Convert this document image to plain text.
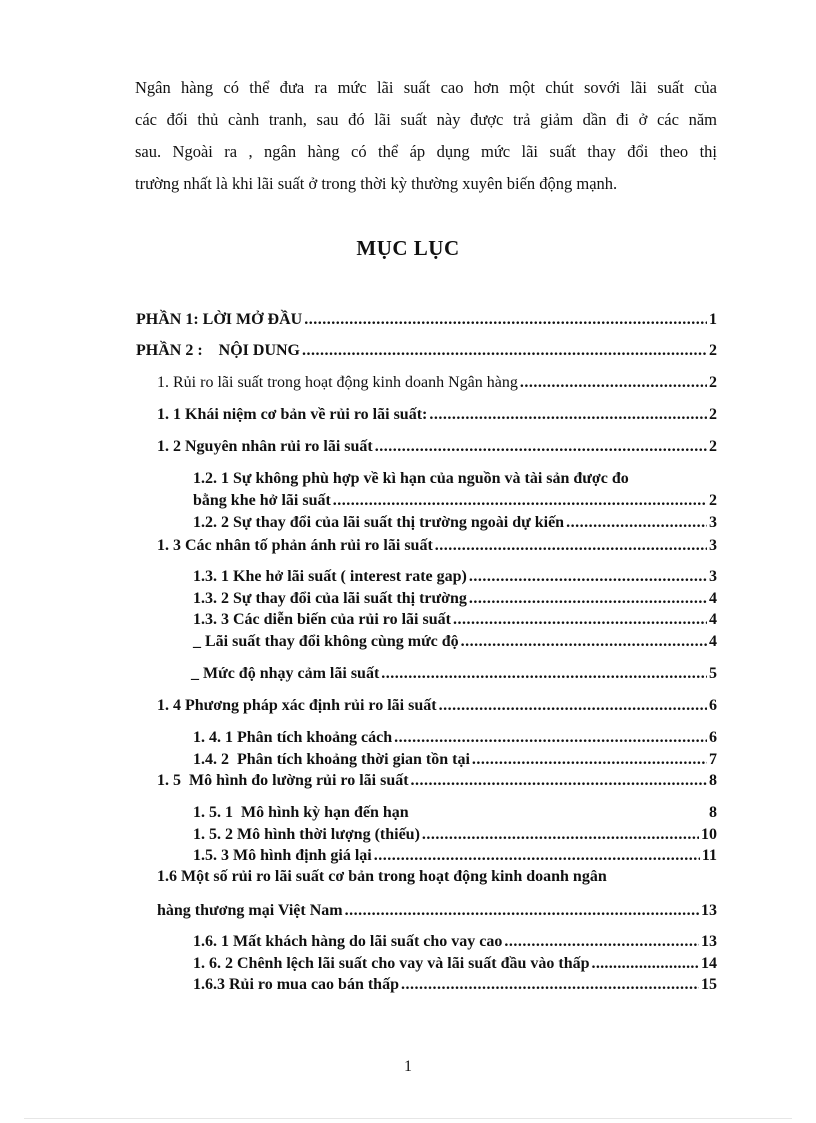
Ngân hàng có thể đưa ra mức lãi suất cao hơn một chút sovới lãi suất của
các đối thủ cành tranh, sau đó lãi suất này được trả giảm dần đi ở các năm
sau. Ngoài ra , ngân hàng có thể áp dụng mức lãi suất thay đổi theo thị
trường nhất là khi lãi suất ở trong thời kỳ thường xuyên biến động mạnh.
MỤC LỤC
PHẦN 1: LỜI MỞ ĐẦU .....	1
PHẦN 2 :    NỘI DUNG .....	2
1. Rủi ro lãi suất trong hoạt động kinh doanh Ngân hàng .....	2
1. 1 Khái niệm cơ bản về rủi ro lãi suất: .....	2
1. 2 Nguyên nhân rủi ro lãi suất .....	2
1.2. 1 Sự không phù hợp về kì hạn của nguồn và tài sản được đo
bằng khe hở lãi suất .....	2
1.2. 2 Sự thay đổi của lãi suất thị trường ngoài dự kiến .....	3
1. 3 Các nhân tố phản ánh rủi ro lãi suất .....	3
1.3. 1 Khe hở lãi suất ( interest rate gap) .....	3
1.3. 2 Sự thay đổi của lãi suất thị trường .....	4
1.3. 3 Các diễn biến của rủi ro lãi suất .....	4
_ Lãi suất thay đổi không cùng mức độ .....	4
_ Mức độ nhạy cảm lãi suất .....	5
1. 4 Phương pháp xác định rủi ro lãi suất .....	6
1. 4. 1 Phân tích khoảng cách .....	6
1.4. 2  Phân tích khoảng thời gian tồn tại .....	7
1. 5  Mô hình đo lường rủi ro lãi suất .....	8
1. 5. 1  Mô hình kỳ hạn đến hạn	8
1. 5. 2 Mô hình thời lượng (thiếu) .....	10
1.5. 3 Mô hình định giá lại .....	11
1.6 Một số rủi ro lãi suất cơ bản trong hoạt động kinh doanh ngân
hàng thương mại Việt Nam .....	13
1.6. 1 Mất khách hàng do lãi suất cho vay cao .....	13
1. 6. 2 Chênh lệch lãi suất cho vay và lãi suất đầu vào thấp .....	14
1.6.3 Rủi ro mua cao bán thấp .....	15
1
